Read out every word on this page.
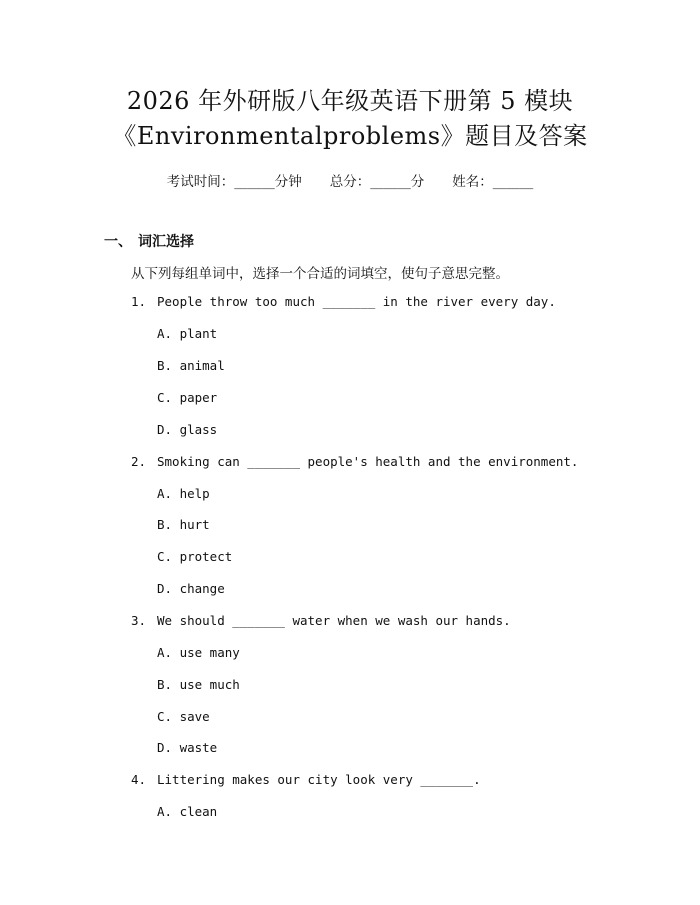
2026 年外研版八年级英语下册第 5 模块
《Environmentalproblems》题目及答案
考试时间：______分钟 总分：______分 姓名：______
一、 词汇选择
从下列每组单词中，选择一个合适的词填空，使句子意思完整。
1. People throw too much _______ in the river every day.
A. plant
B. animal
C. paper
D. glass
2. Smoking can _______ people's health and the environment.
A. help
B. hurt
C. protect
D. change
3. We should _______ water when we wash our hands.
A. use many
B. use much
C. save
D. waste
4. Littering makes our city look very _______.
A. clean
